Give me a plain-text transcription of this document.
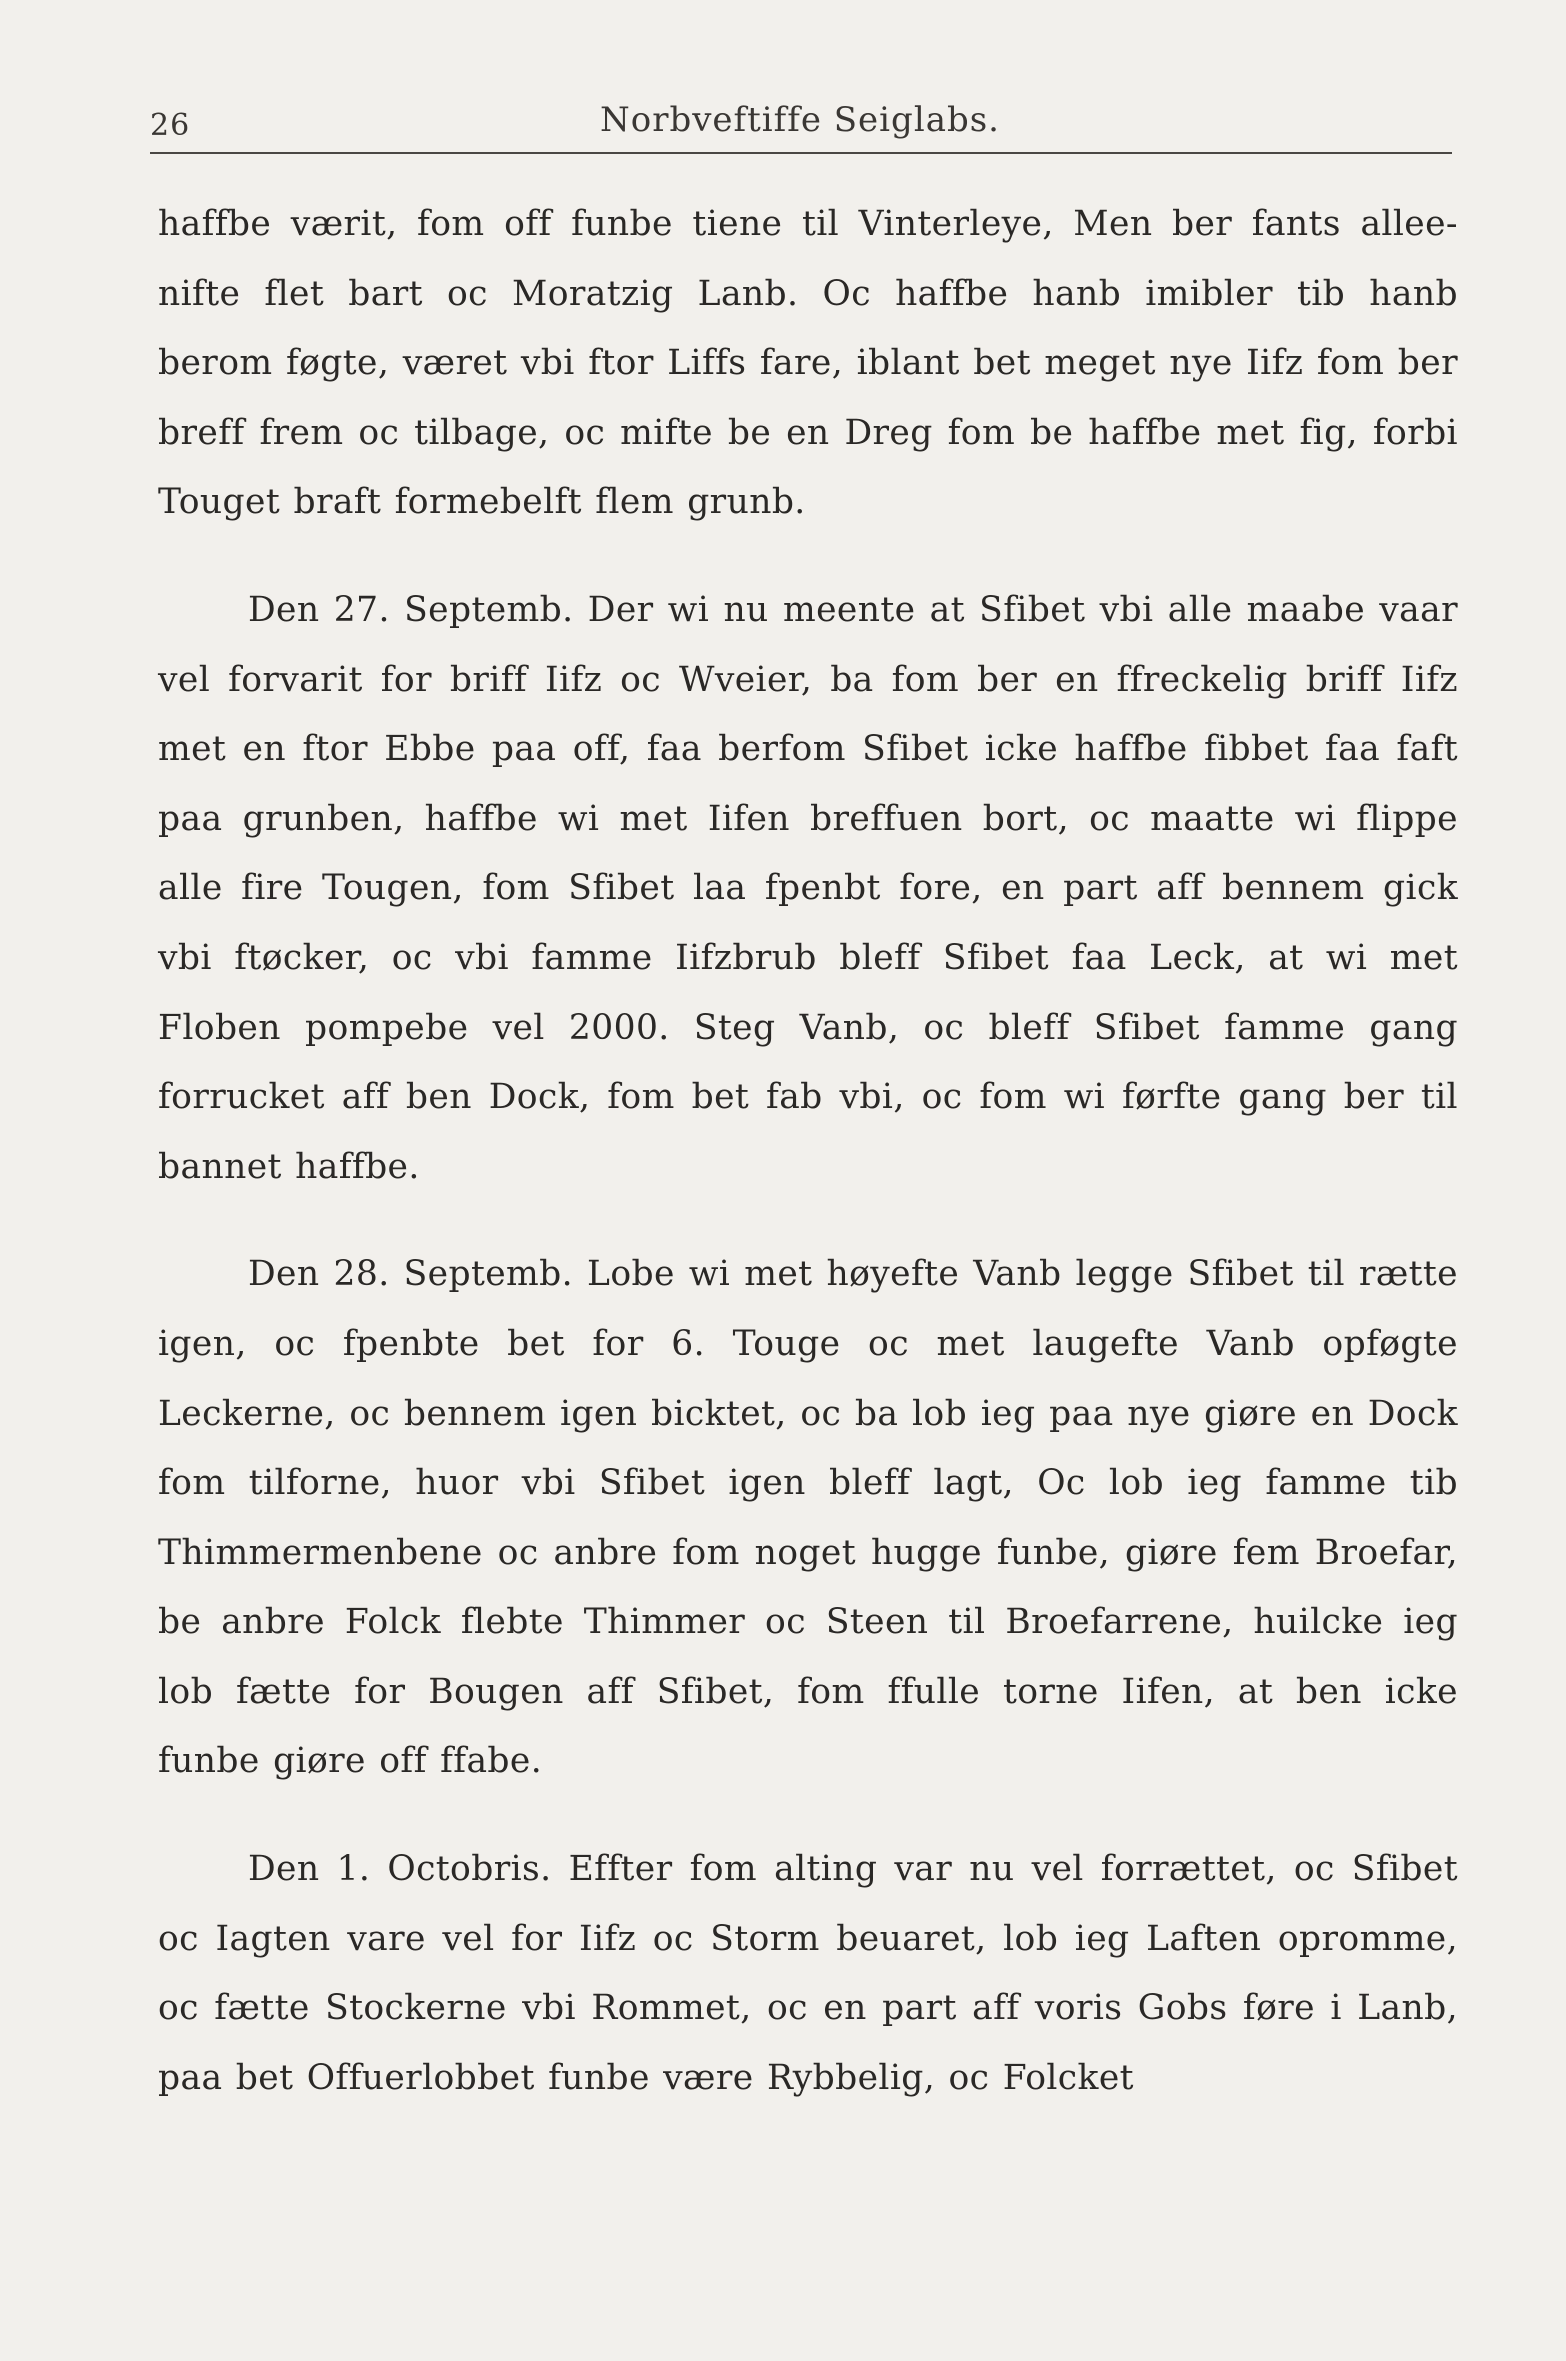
26	Norbveftiffe Seiglabs.

haffbe værit, fom off funbe tiene til Vinterleye, Men ber fants allee- nifte flet bart oc Moratzig Lanb. Oc haffbe hanb imibler tib hanb berom føgte, været vbi ftor Liffs fare, iblant bet meget nye Iifz fom ber breff frem oc tilbage, oc mifte be en Dreg fom be haffbe met fig, forbi Touget braft formebelft flem grunb.

Den 27. Septemb. Der wi nu meente at Sfibet vbi alle maabe vaar vel forvarit for briff Iifz oc Wveier, ba fom ber en ffreckelig briff Iifz met en ftor Ebbe paa off, faa berfom Sfibet icke haffbe fibbet faa faft paa grunben, haffbe wi met Iifen breffuen bort, oc maatte wi flippe alle fire Tougen, fom Sfibet laa fpenbt fore, en part aff bennem gick vbi ftøcker, oc vbi famme Iifzbrub bleff Sfibet faa Leck, at wi met Floben pompebe vel 2000. Steg Vanb, oc bleff Sfibet famme gang forrucket aff ben Dock, fom bet fab vbi, oc fom wi førfte gang ber til bannet haffbe.

Den 28. Septemb. Lobe wi met høyefte Vanb legge Sfibet til rætte igen, oc fpenbte bet for 6. Touge oc met laugefte Vanb opføgte Leckerne, oc bennem igen bicktet, oc ba lob ieg paa nye giøre en Dock fom tilforne, huor vbi Sfibet igen bleff lagt, Oc lob ieg famme tib Thimmermenbene oc anbre fom noget hugge funbe, giøre fem Broefar, be anbre Folck flebte Thimmer oc Steen til Broefarrene, huilcke ieg lob fætte for Bougen aff Sfibet, fom ffulle torne Iifen, at ben icke funbe giøre off ffabe.

Den 1. Octobris. Effter fom alting var nu vel forrættet, oc Sfibet oc Iagten vare vel for Iifz oc Storm beuaret, lob ieg Laften opromme, oc fætte Stockerne vbi Rommet, oc en part aff voris Gobs føre i Lanb, paa bet Offuerlobbet funbe være Rybbelig, oc Folcket
